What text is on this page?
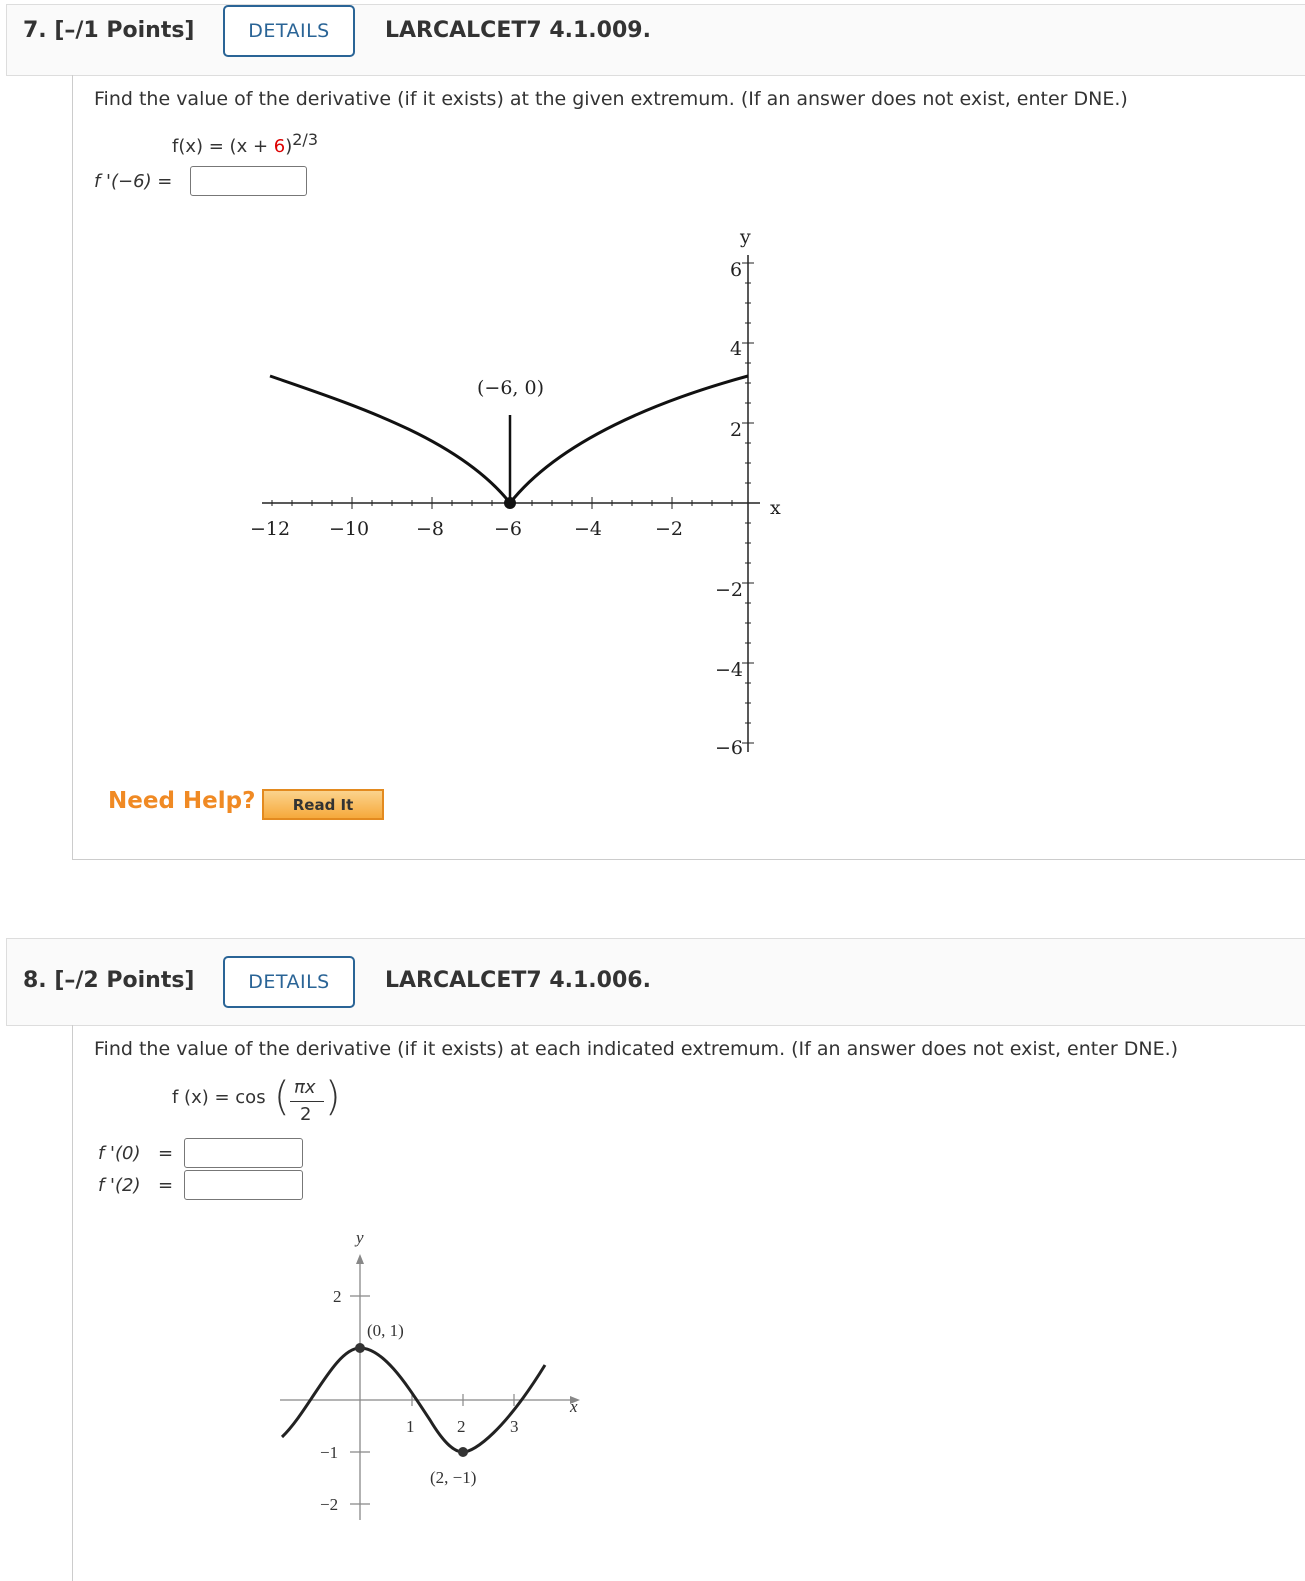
7. [–/1 Points]	DETAILS	LARCALCET7 4.1.009.
Find the value of the derivative (if it exists) at the given extremum. (If an answer does not exist, enter DNE.)
$f(x) = (x + 6)^{2/3}$
f '(−6) =
y
x
(−6, 0)
−12 −10 −8	−6	−4	−2
6
4
2
−2
−4
−6
Need Help?	Read It
8. [–/2 Points]	DETAILS	LARCALCET7 4.1.006.
Find the value of the derivative (if it exists) at each indicated extremum. (If an answer does not exist, enter DNE.)
f (x) = cos ( πx
2 )
f '(0) =
f '(2) =
y
x
(0, 1)
(2, −1)
1	2	3
2
−1
−2
